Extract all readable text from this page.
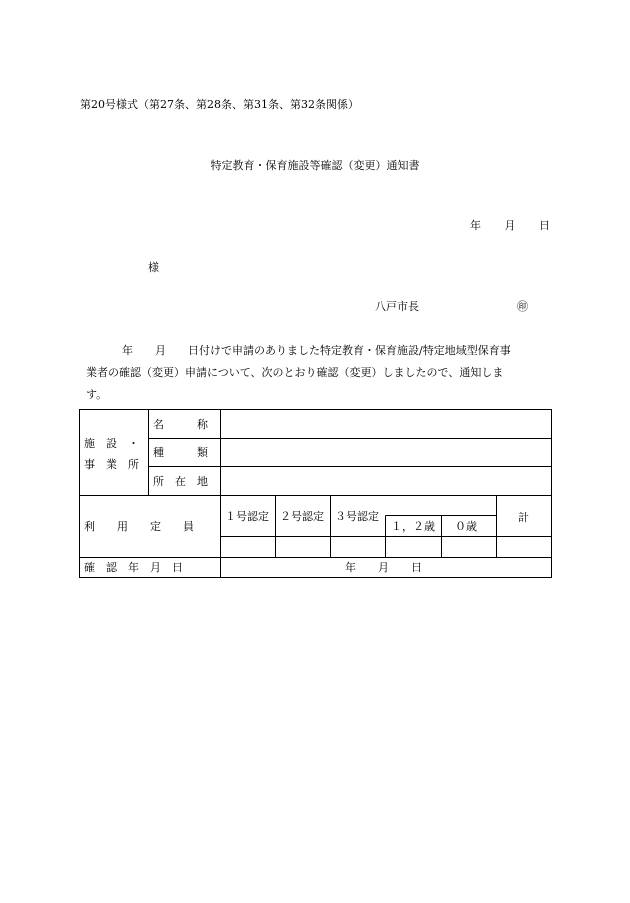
第20号様式（第27条、第28条、第31条、第32条関係）
特定教育・保育施設等確認（変更）通知書
年 月 日
様
八戸市長	㊞

年　　月　　日付けで申請のありました特定教育・保育施設/特定地域型保育事

業者の確認（変更）申請について、次のとおり確認（変更）しましたので、通知しま

す。

施　設　・
事　業　所
名　　　称
種　　　類
所　在　地
利　　用　　定　　員
１号認定 ２号認定 ３号認定
１，２歳 ０歳
計
確　認　年　月　日	年　　月　　日
